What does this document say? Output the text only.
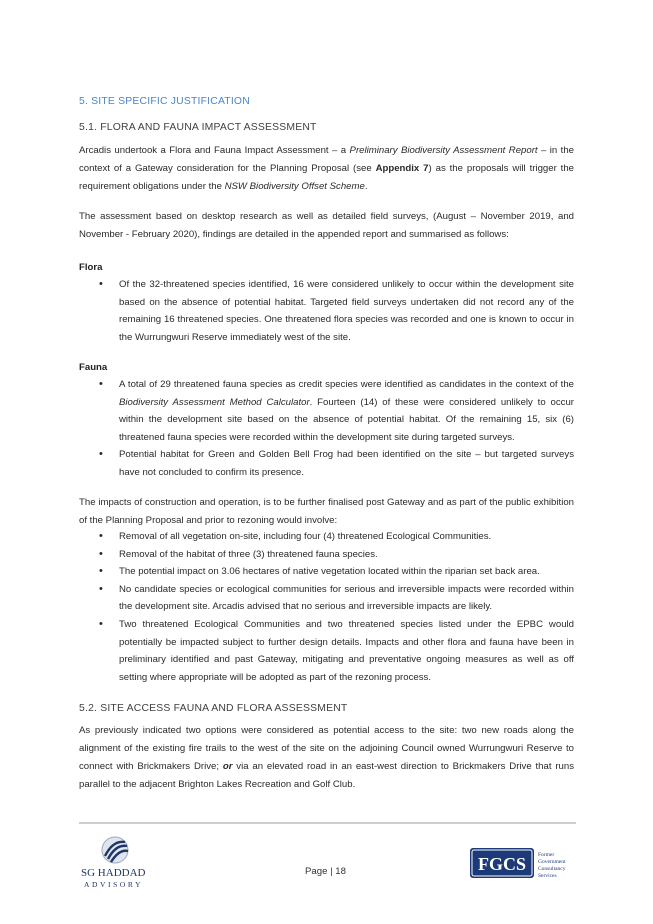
5. SITE SPECIFIC JUSTIFICATION
5.1. FLORA AND FAUNA IMPACT ASSESSMENT
Arcadis undertook a Flora and Fauna Impact Assessment – a Preliminary Biodiversity Assessment Report – in the context of a Gateway consideration for the Planning Proposal (see Appendix 7) as the proposals will trigger the requirement obligations under the NSW Biodiversity Offset Scheme.
The assessment based on desktop research as well as detailed field surveys, (August – November 2019, and November - February 2020), findings are detailed in the appended report and summarised as follows:
Flora
• Of the 32-threatened species identified, 16 were considered unlikely to occur within the development site based on the absence of potential habitat. Targeted field surveys undertaken did not record any of the remaining 16 threatened species. One threatened flora species was recorded and one is known to occur in the Wurrungwuri Reserve immediately west of the site.
Fauna
• A total of 29 threatened fauna species as credit species were identified as candidates in the context of the Biodiversity Assessment Method Calculator. Fourteen (14) of these were considered unlikely to occur within the development site based on the absence of potential habitat. Of the remaining 15, six (6) threatened fauna species were recorded within the development site during targeted surveys.
• Potential habitat for Green and Golden Bell Frog had been identified on the site – but targeted surveys have not concluded to confirm its presence.
The impacts of construction and operation, is to be further finalised post Gateway and as part of the public exhibition of the Planning Proposal and prior to rezoning would involve:
• Removal of all vegetation on-site, including four (4) threatened Ecological Communities.
• Removal of the habitat of three (3) threatened fauna species.
• The potential impact on 3.06 hectares of native vegetation located within the riparian set back area.
• No candidate species or ecological communities for serious and irreversible impacts were recorded within the development site. Arcadis advised that no serious and irreversible impacts are likely.
• Two threatened Ecological Communities and two threatened species listed under the EPBC would potentially be impacted subject to further design details. Impacts and other flora and fauna have been in preliminary identified and past Gateway, mitigating and preventative ongoing measures as well as off setting where appropriate will be adopted as part of the rezoning process.
5.2. SITE ACCESS FAUNA AND FLORA ASSESSMENT
As previously indicated two options were considered as potential access to the site: two new roads along the alignment of the existing fire trails to the west of the site on the adjoining Council owned Wurrungwuri Reserve to connect with Brickmakers Drive; or via an elevated road in an east-west direction to Brickmakers Drive that runs parallel to the adjacent Brighton Lakes Recreation and Golf Club.
SG HADDAD
ADVISORY
Page | 18	FGCS Former
Government
Consultancy
Services
